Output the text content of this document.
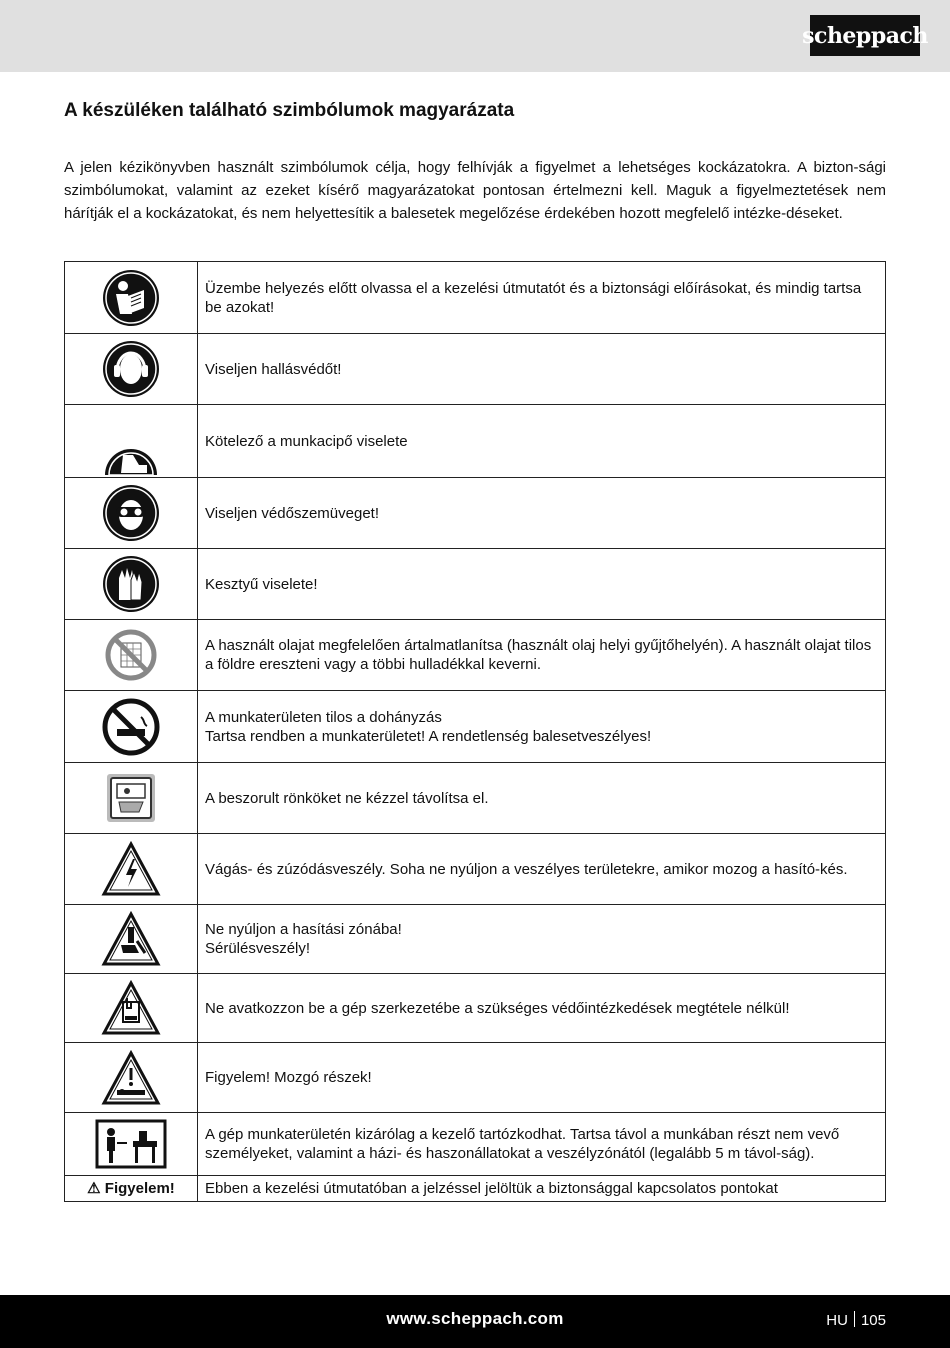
scheppach
A készüléken található szimbólumok magyarázata

A jelen kézikönyvben használt szimbólumok célja, hogy felhívják a figyelmet a lehetséges kockázatokra. A bizton-sági szimbólumokat, valamint az ezeket kísérő magyarázatokat pontosan értelmezni kell. Maguk a figyelmeztetések nem hárítják el a kockázatokat, és nem helyettesítik a balesetek megelőzése érdekében hozott megfelelő intézke-déseket.

Üzembe helyezés előtt olvassa el a kezelési útmutatót és a biztonsági előírásokat, és mindig tartsa be azokat!

Viseljen hallásvédőt!

Kötelező a munkacipő viselete

Viseljen védőszemüveget!

Kesztyű viselete!

A használt olajat megfelelően ártalmatlanítsa (használt olaj helyi gyűjtőhelyén). A használt olajat tilos a földre ereszteni vagy a többi hulladékkal keverni.

A munkaterületen tilos a dohányzás
Tartsa rendben a munkaterületet! A rendetlenség balesetveszélyes!

A beszorult rönköket ne kézzel távolítsa el.

Vágás- és zúzódásveszély. Soha ne nyúljon a veszélyes területekre, amikor mozog a hasító-kés.

Ne nyúljon a hasítási zónába!
Sérülésveszély!

Ne avatkozzon be a gép szerkezetébe a szükséges védőintézkedések megtétele nélkül!

Figyelem! Mozgó részek!

A gép munkaterületén kizárólag a kezelő tartózkodhat. Tartsa távol a munkában részt nem vevő személyeket, valamint a házi- és haszonállatokat a veszélyzónától (legalább 5 m távol-ság).

⚠ Figyelem!	Ebben a kezelési útmutatóban a jelzéssel jelöltük a biztonsággal kapcsolatos pontokat
www.scheppach.com	HU 105
